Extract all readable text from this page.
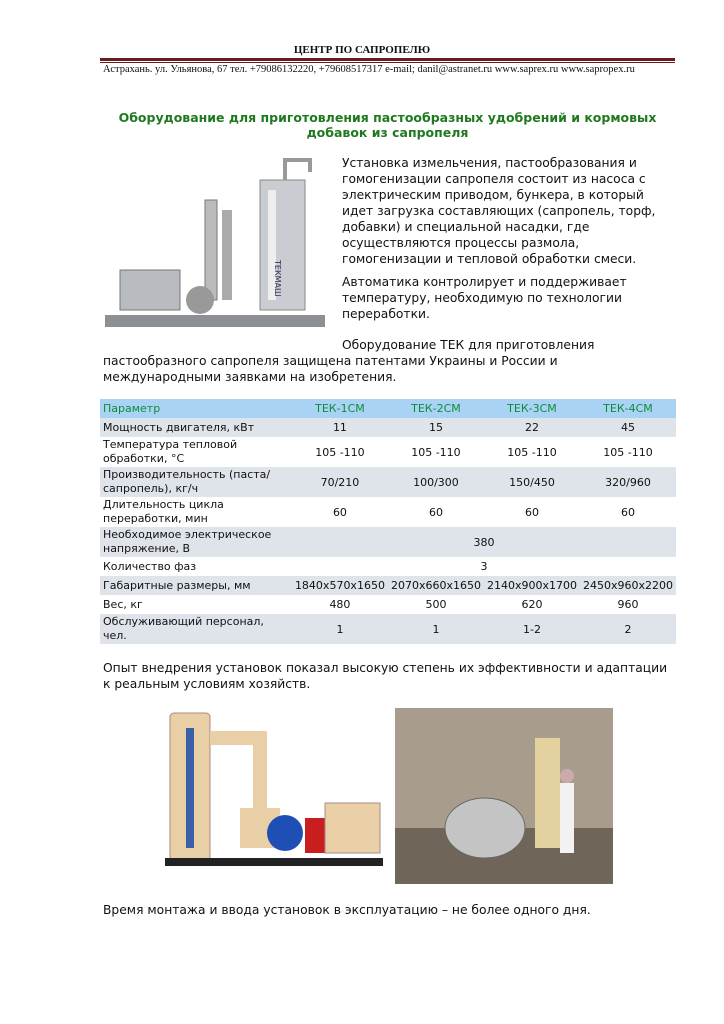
ЦЕНТР ПО САПРОПЕЛЮ
Астрахань. ул. Ульянова, 67 тел. +79086132220, +79608517317 e-mail; danil@astranet.ru www.saprex.ru www.sapropex.ru
Оборудование для приготовления пастообразных удобрений и кормовых добавок из сапропеля
ТЕКМАШ
Установка измельчения, пастообразования и гомогенизации сапропеля состоит из насоса с электрическим приводом, бункера, в который идет загрузка составляющих (сапропель, торф, добавки) и специальной насадки, где осуществляются процессы размола, гомогенизации и тепловой обработки смеси.
Автоматика контролирует и поддерживает температуру, необходимую по технологии переработки.
Оборудование ТЕК для приготовления пастообразного сапропеля защищена патентами Украины и России и международными заявками на изобретения.
Параметр	ТЕК-1СМ	ТЕК-2СМ	ТЕК-3СМ	ТЕК-4СМ
Мощность двигателя, кВт	11	15	22	45
Температура тепловой обработки, °С	105 -110	105 -110	105 -110	105 -110
Производительность (паста/сапропель), кг/ч	70/210	100/300	150/450	320/960
Длительность цикла переработки, мин	60	60	60	60
Необходимое электрическое напряжение, В	380			
Количество фаз	3			
Габаритные размеры, мм	1840x570x1650	2070x660x1650	2140x900x1700	2450x960x2200
Вес, кг	480	500	620	960
Обслуживающий персонал, чел.	1	1	1-2	2
Опыт внедрения установок показал высокую степень их эффективности и адаптации к реальным условиям хозяйств.
Время монтажа и ввода установок в эксплуатацию – не более одного дня.
